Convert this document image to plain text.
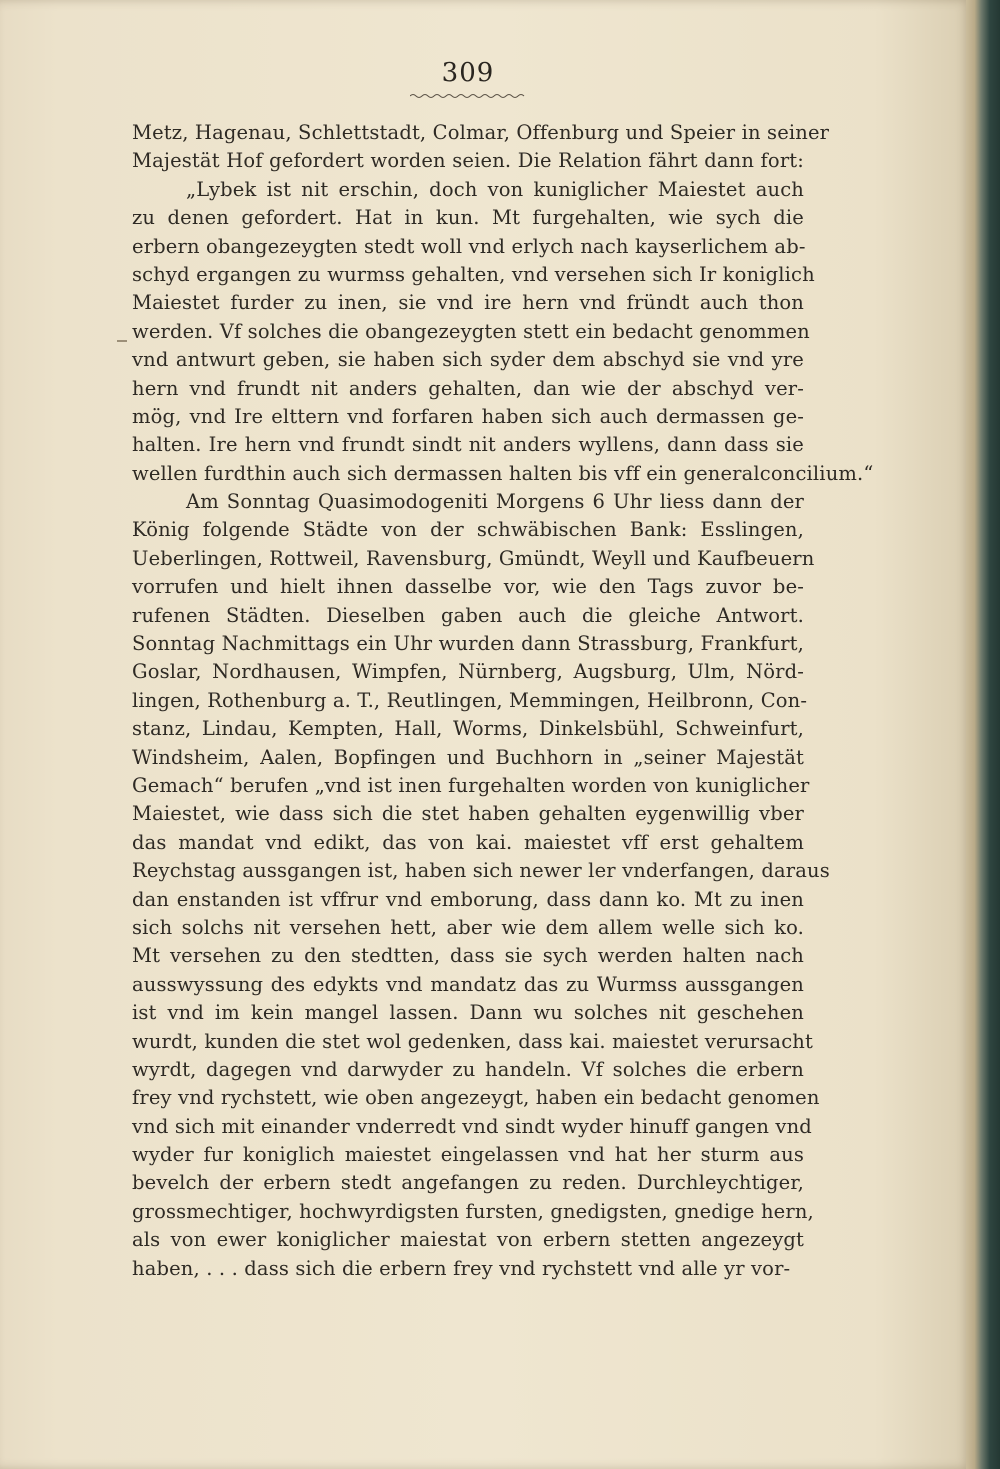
309
Metz, Hagenau, Schlettstadt, Colmar, Offenburg und Speier in seiner
Majestät Hof gefordert worden seien. Die Relation fährt dann fort:
„Lybek ist nit erschin, doch von kuniglicher Maiestet auch
zu denen gefordert. Hat in kun. Mt furgehalten, wie sych die
erbern obangezeygten stedt woll vnd erlych nach kayserlichem ab-
schyd ergangen zu wurmss gehalten, vnd versehen sich Ir koniglich
Maiestet furder zu inen, sie vnd ire hern vnd fründt auch thon
werden. Vf solches die obangezeygten stett ein bedacht genommen
vnd antwurt geben, sie haben sich syder dem abschyd sie vnd yre
hern vnd frundt nit anders gehalten, dan wie der abschyd ver-
mög, vnd Ire elttern vnd forfaren haben sich auch dermassen ge-
halten. Ire hern vnd frundt sindt nit anders wyllens, dann dass sie
wellen furdthin auch sich dermassen halten bis vff ein generalconcilium.“
Am Sonntag Quasimodogeniti Morgens 6 Uhr liess dann der
König folgende Städte von der schwäbischen Bank: Esslingen,
Ueberlingen, Rottweil, Ravensburg, Gmündt, Weyll und Kaufbeuern
vorrufen und hielt ihnen dasselbe vor, wie den Tags zuvor be-
rufenen Städten. Dieselben gaben auch die gleiche Antwort.
Sonntag Nachmittags ein Uhr wurden dann Strassburg, Frankfurt,
Goslar, Nordhausen, Wimpfen, Nürnberg, Augsburg, Ulm, Nörd-
lingen, Rothenburg a. T., Reutlingen, Memmingen, Heilbronn, Con-
stanz, Lindau, Kempten, Hall, Worms, Dinkelsbühl, Schweinfurt,
Windsheim, Aalen, Bopfingen und Buchhorn in „seiner Majestät
Gemach“ berufen „vnd ist inen furgehalten worden von kuniglicher
Maiestet, wie dass sich die stet haben gehalten eygenwillig vber
das mandat vnd edikt, das von kai. maiestet vff erst gehaltem
Reychstag aussgangen ist, haben sich newer ler vnderfangen, daraus
dan enstanden ist vffrur vnd emborung, dass dann ko. Mt zu inen
sich solchs nit versehen hett, aber wie dem allem welle sich ko.
Mt versehen zu den stedtten, dass sie sych werden halten nach
ausswyssung des edykts vnd mandatz das zu Wurmss aussgangen
ist vnd im kein mangel lassen. Dann wu solches nit geschehen
wurdt, kunden die stet wol gedenken, dass kai. maiestet verursacht
wyrdt, dagegen vnd darwyder zu handeln. Vf solches die erbern
frey vnd rychstett, wie oben angezeygt, haben ein bedacht genomen
vnd sich mit einander vnderredt vnd sindt wyder hinuff gangen vnd
wyder fur koniglich maiestet eingelassen vnd hat her sturm aus
bevelch der erbern stedt angefangen zu reden. Durchleychtiger,
grossmechtiger, hochwyrdigsten fursten, gnedigsten, gnedige hern,
als von ewer koniglicher maiestat von erbern stetten angezeygt
haben, . . . dass sich die erbern frey vnd rychstett vnd alle yr vor-
